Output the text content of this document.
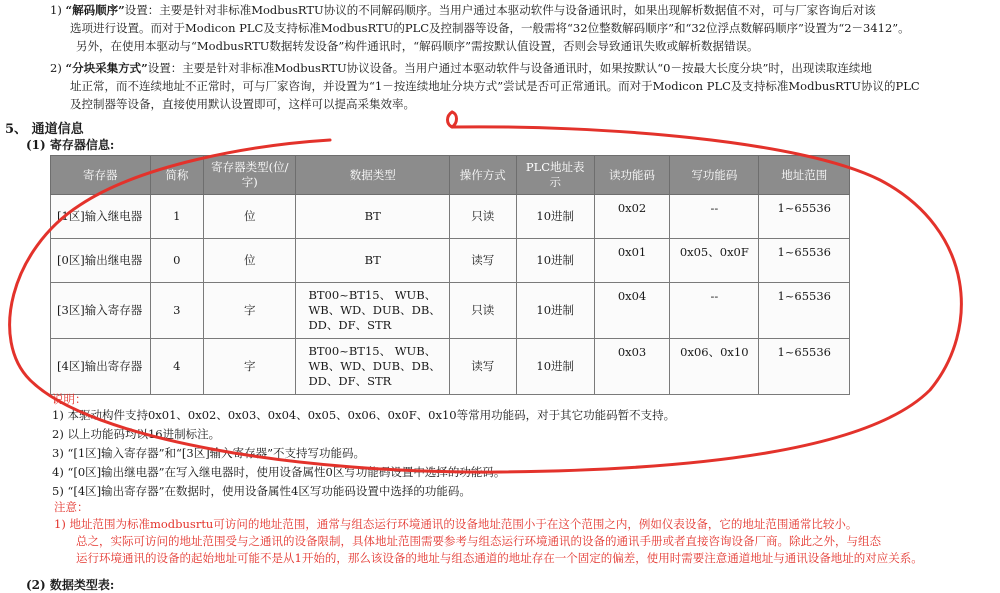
1) “解码顺序”设置：主要是针对非标准ModbusRTU协议的不同解码顺序。当用户通过本驱动软件与设备通讯时，如果出现解析数据值不对，可与厂家咨询后对该
选项进行设置。而对于Modicon PLC及支持标准ModbusRTU的PLC及控制器等设备，一般需将“32位整数解码顺序”和“32位浮点数解码顺序”设置为“2－3412”。
另外，在使用本驱动与“ModbusRTU数据转发设备”构件通讯时，“解码顺序”需按默认值设置，否则会导致通讯失败或解析数据错误。
2) “分块采集方式”设置：主要是针对非标准ModbusRTU协议设备。当用户通过本驱动软件与设备通讯时，如果按默认“0－按最大长度分块”时，出现读取连续地
址正常，而不连续地址不正常时，可与厂家咨询，并设置为“1－按连续地址分块方式”尝试是否可正常通讯。而对于Modicon PLC及支持标准ModbusRTU协议的PLC
及控制器等设备，直接使用默认设置即可，这样可以提高采集效率。
5、 通道信息
(1) 寄存器信息:
寄存器	简称	寄存器类型(位/字)	数据类型	操作方式	PLC地址表示	读功能码	写功能码	地址范围
[1区]输入继电器	1	位	BT	只读	10进制	0x02	--	1~65536
[0区]输出继电器	0	位	BT	读写	10进制	0x01	0x05、0x0F	1~65536
[3区]输入寄存器	3	字	BT00~BT15、 WUB、WB、WD、DUB、DB、DD、DF、STR	只读	10进制	0x04	--	1~65536
[4区]输出寄存器	4	字	BT00~BT15、 WUB、WB、WD、DUB、DB、DD、DF、STR	读写	10进制	0x03	0x06、0x10	1~65536
说明：
1) 本驱动构件支持0x01、0x02、0x03、0x04、0x05、0x06、0x0F、0x10等常用功能码，对于其它功能码暂不支持。
2) 以上功能码均以16进制标注。
3) “[1区]输入寄存器”和“[3区]输入寄存器”不支持写功能码。
4) “[0区]输出继电器”在写入继电器时，使用设备属性0区写功能码设置中选择的功能码。
5) “[4区]输出寄存器”在数据时，使用设备属性4区写功能码设置中选择的功能码。
注意：
1) 地址范围为标准modbusrtu可访问的地址范围，通常与组态运行环境通讯的设备地址范围小于在这个范围之内，例如仪表设备，它的地址范围通常比较小。
总之，实际可访问的地址范围受与之通讯的设备限制，具体地址范围需要参考与组态运行环境通讯的设备的通讯手册或者直接咨询设备厂商。除此之外，与组态
运行环境通讯的设备的起始地址可能不是从1开始的，那么该设备的地址与组态通道的地址存在一个固定的偏差，使用时需要注意通道地址与通讯设备地址的对应关系。
(2) 数据类型表:
